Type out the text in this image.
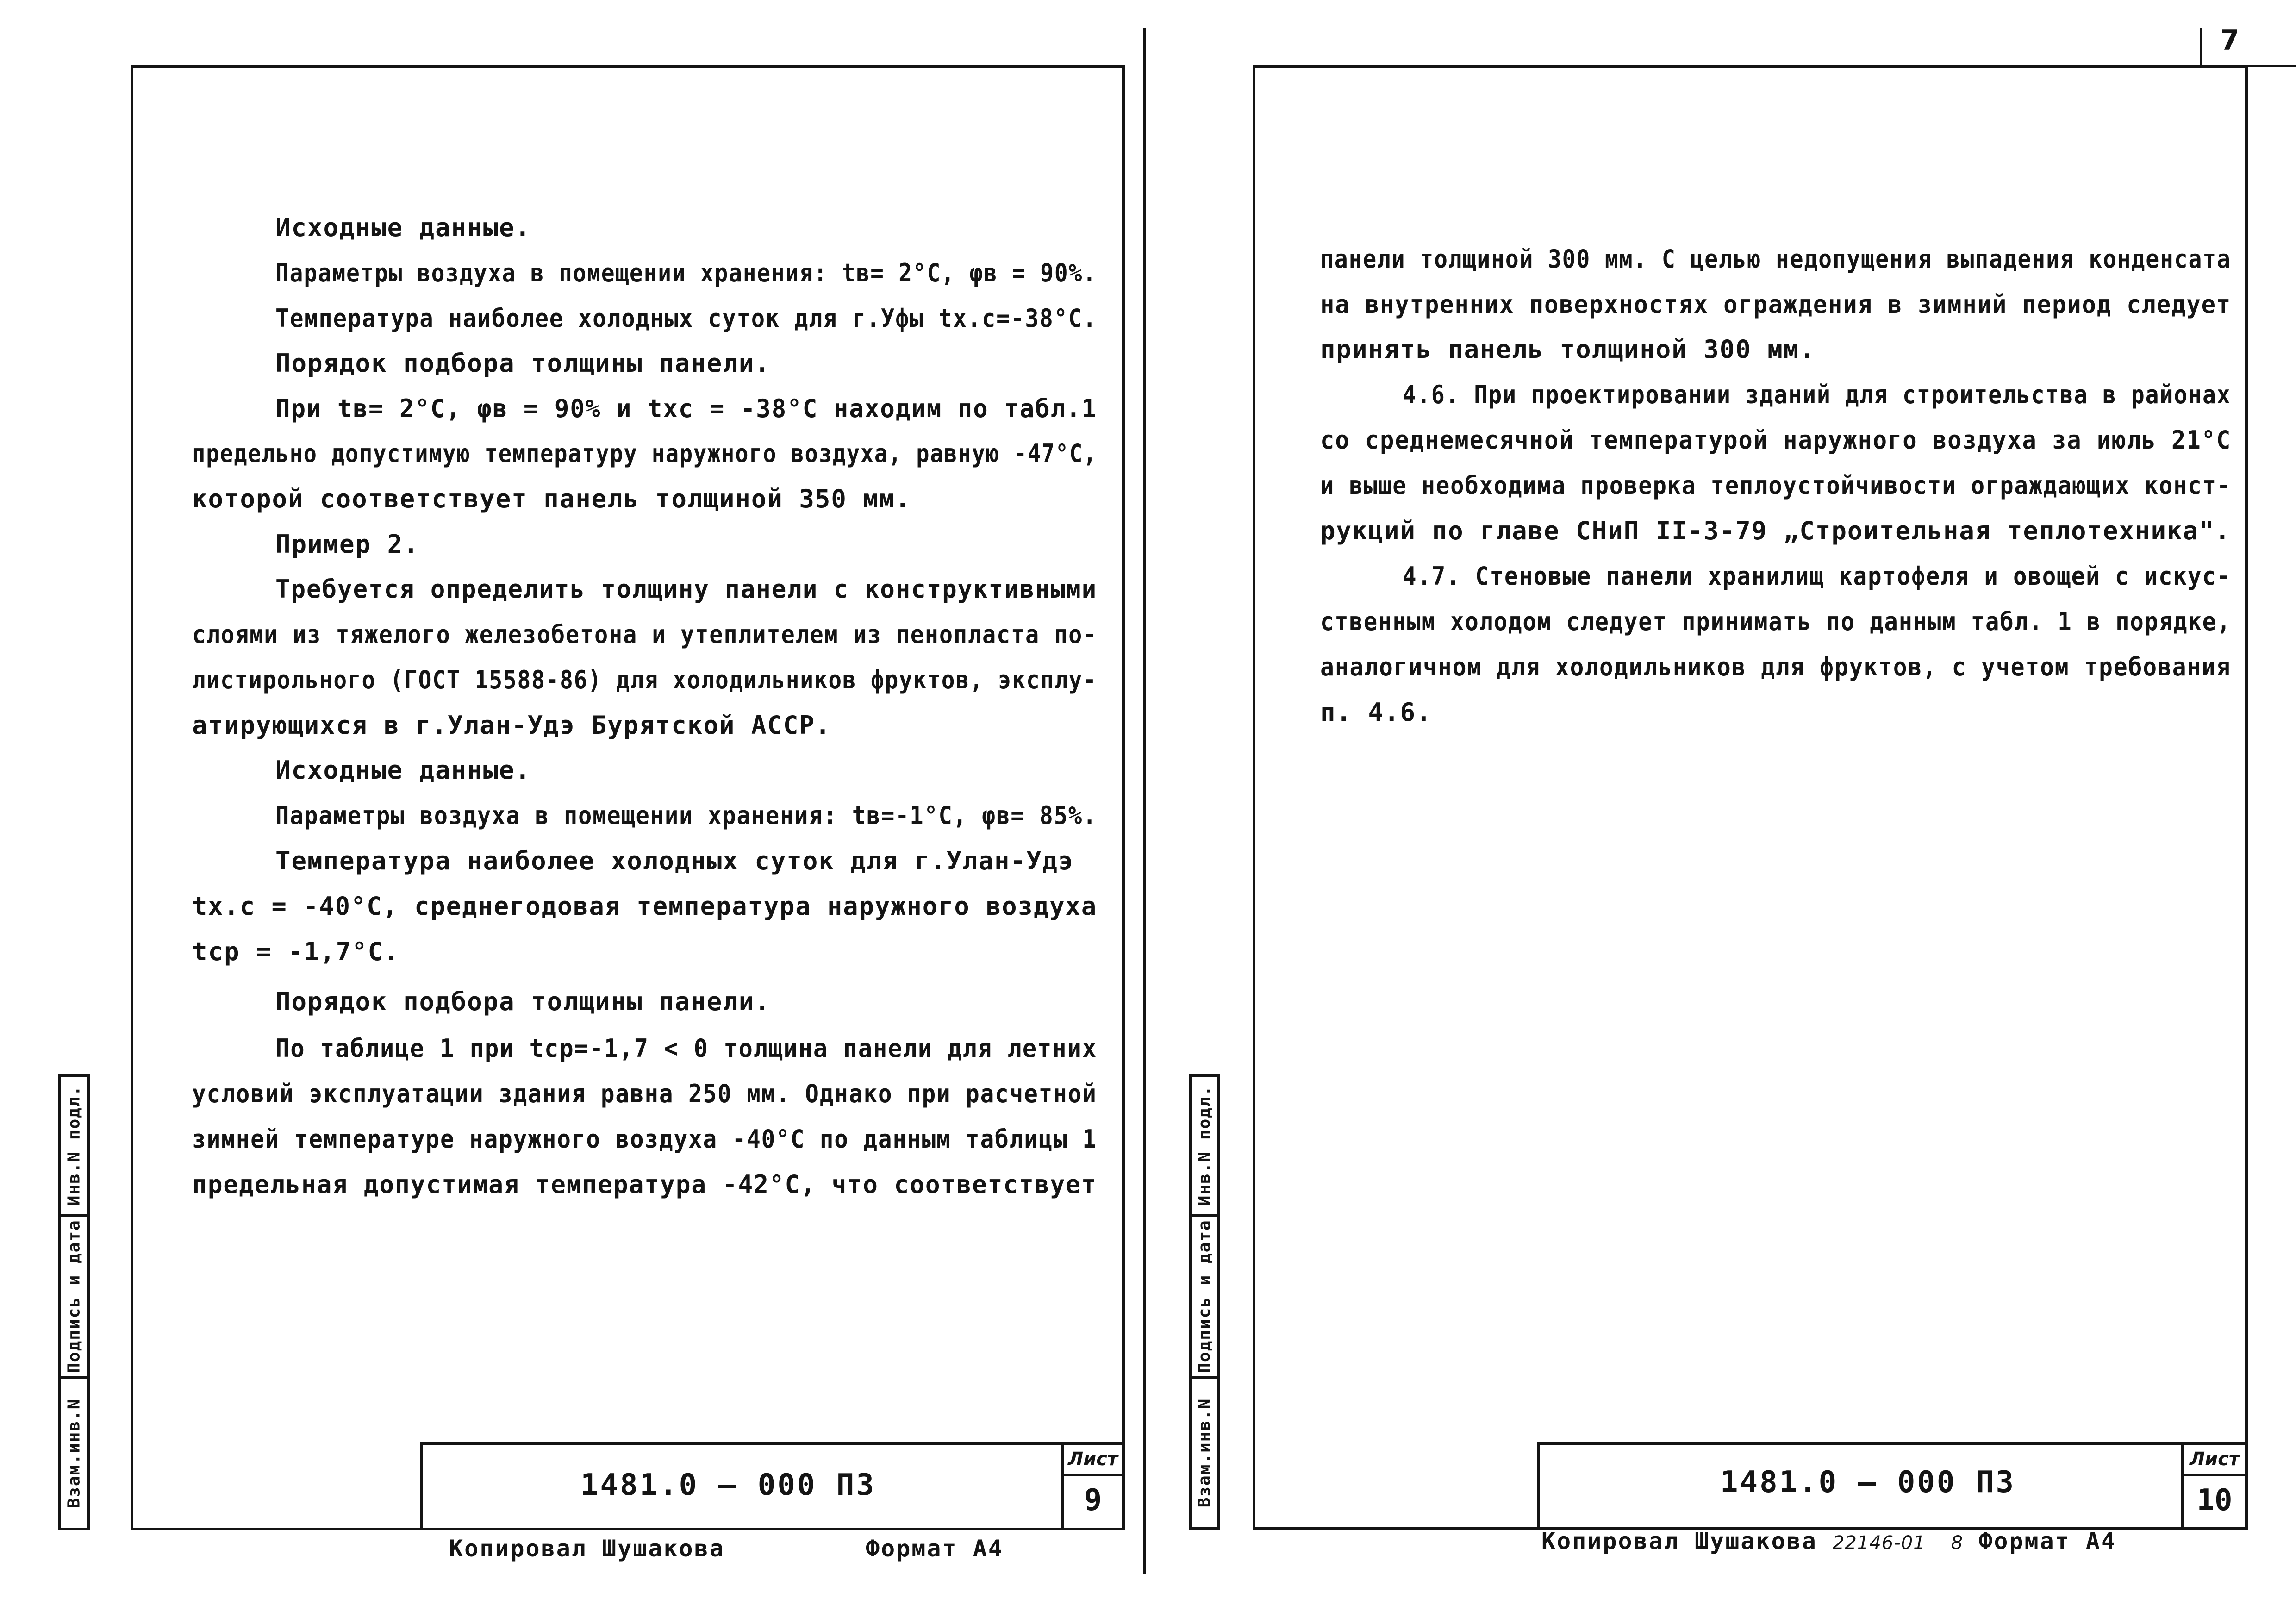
7
Исходные данные.
Параметры воздуха в помещении хранения: tв= 2°С, φв = 90%.
Температура наиболее холодных суток для г.Уфы tх.с=-38°С.
Порядок подбора толщины панели.
При tв= 2°С, φв = 90% и tхс = -38°С находим по табл.1
предельно допустимую температуру наружного воздуха, равную -47°С,
которой соответствует панель толщиной 350 мм.
Пример 2.
Требуется определить толщину панели с конструктивными
слоями из тяжелого железобетона и утеплителем из пенопласта по-
листирольного (ГОСТ 15588-86) для холодильников фруктов, эксплу-
атирующихся в г.Улан-Удэ Бурятской АССР.
Исходные данные.
Параметры воздуха в помещении хранения: tв=-1°С, φв= 85%.
Температура наиболее холодных суток для г.Улан-Удэ
tх.с = -40°С, среднегодовая температура наружного воздуха
tср = -1,7°С.
Порядок подбора толщины панели.
По таблице 1 при tср=-1,7 < 0 толщина панели для летних
условий эксплуатации здания равна 250 мм. Однако при расчетной
зимней температуре наружного воздуха -40°С по данным таблицы 1
предельная допустимая температура -42°С, что соответствует
Инв.N подл.
Подпись и дата
Взам.инв.N	1481.0 – 000 ПЗ
Лист
9
Копировал Шушакова	Формат А4
панели толщиной 300 мм. С целью недопущения выпадения конденсата
на внутренних поверхностях ограждения в зимний период следует
принять панель толщиной 300 мм.
4.6. При проектировании зданий для строительства в районах
со среднемесячной температурой наружного воздуха за июль 21°С
и выше необходима проверка теплоустойчивости ограждающих конст-
рукций по главе СНиП II-3-79 „Строительная теплотехника".
4.7. Стеновые панели хранилищ картофеля и овощей с искус-
ственным холодом следует принимать по данным табл. 1 в порядке,
аналогичном для холодильников для фруктов, с учетом требования
п. 4.6.
Инв.N подл.
Подпись и дата
Взам.инв.N	1481.0 – 000 ПЗ
Лист
10
Копировал Шушакова 22146-01 8 Формат А4
